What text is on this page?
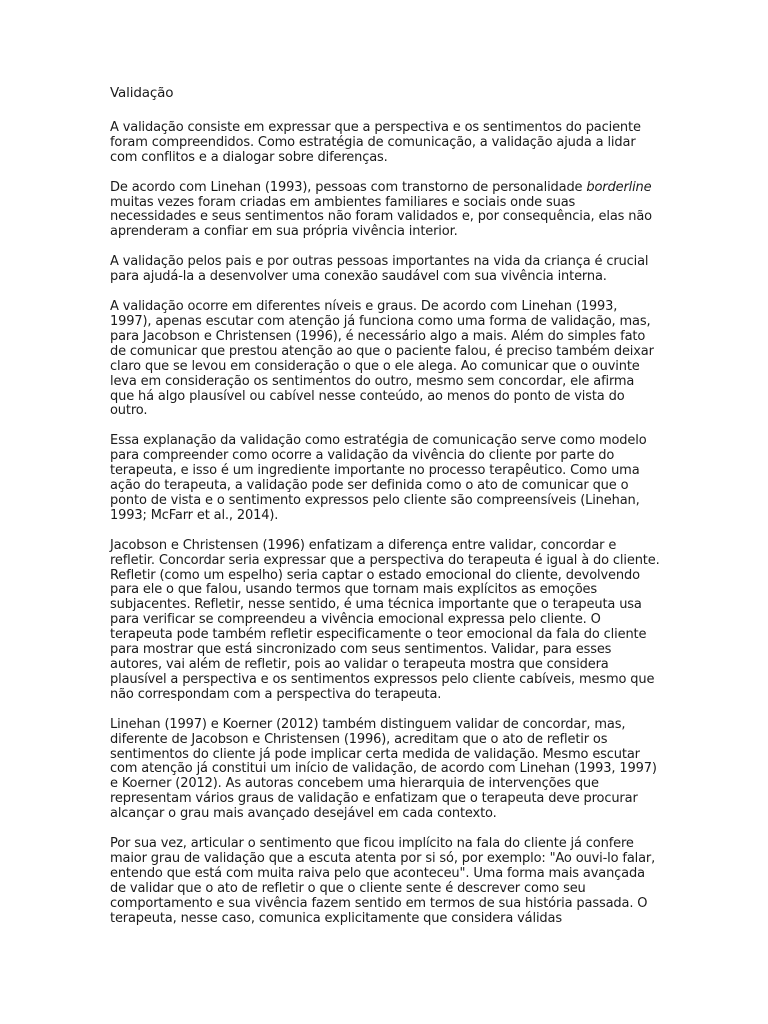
Validação

A validação consiste em expressar que a perspectiva e os sentimentos do paciente foram compreendidos. Como estratégia de comunicação, a validação ajuda a lidar com conflitos e a dialogar sobre diferenças.

De acordo com Linehan (1993), pessoas com transtorno de personalidade borderline muitas vezes foram criadas em ambientes familiares e sociais onde suas necessidades e seus sentimentos não foram validados e, por consequência, elas não aprenderam a confiar em sua própria vivência interior.

A validação pelos pais e por outras pessoas importantes na vida da criança é crucial para ajudá-la a desenvolver uma conexão saudável com sua vivência interna.

A validação ocorre em diferentes níveis e graus. De acordo com Linehan (1993, 1997), apenas escutar com atenção já funciona como uma forma de validação, mas, para Jacobson e Christensen (1996), é necessário algo a mais. Além do simples fato de comunicar que prestou atenção ao que o paciente falou, é preciso também deixar claro que se levou em consideração o que o ele alega. Ao comunicar que o ouvinte leva em consideração os sentimentos do outro, mesmo sem concordar, ele afirma que há algo plausível ou cabível nesse conteúdo, ao menos do ponto de vista do outro.

Essa explanação da validação como estratégia de comunicação serve como modelo para compreender como ocorre a validação da vivência do cliente por parte do terapeuta, e isso é um ingrediente importante no processo terapêutico. Como uma ação do terapeuta, a validação pode ser definida como o ato de comunicar que o ponto de vista e o sentimento expressos pelo cliente são compreensíveis (Linehan, 1993; McFarr et al., 2014).

Jacobson e Christensen (1996) enfatizam a diferença entre validar, concordar e refletir. Concordar seria expressar que a perspectiva do terapeuta é igual à do cliente. Refletir (como um espelho) seria captar o estado emocional do cliente, devolvendo para ele o que falou, usando termos que tornam mais explícitos as emoções subjacentes. Refletir, nesse sentido, é uma técnica importante que o terapeuta usa para verificar se compreendeu a vivência emocional expressa pelo cliente. O terapeuta pode também refletir especificamente o teor emocional da fala do cliente para mostrar que está sincronizado com seus sentimentos. Validar, para esses autores, vai além de refletir, pois ao validar o terapeuta mostra que considera plausível a perspectiva e os sentimentos expressos pelo cliente cabíveis, mesmo que não correspondam com a perspectiva do terapeuta.

Linehan (1997) e Koerner (2012) também distinguem validar de concordar, mas, diferente de Jacobson e Christensen (1996), acreditam que o ato de refletir os sentimentos do cliente já pode implicar certa medida de validação. Mesmo escutar com atenção já constitui um início de validação, de acordo com Linehan (1993, 1997) e Koerner (2012). As autoras concebem uma hierarquia de intervenções que representam vários graus de validação e enfatizam que o terapeuta deve procurar alcançar o grau mais avançado desejável em cada contexto.

Por sua vez, articular o sentimento que ficou implícito na fala do cliente já confere maior grau de validação que a escuta atenta por si só, por exemplo: "Ao ouvi-lo falar, entendo que está com muita raiva pelo que aconteceu". Uma forma mais avançada de validar que o ato de refletir o que o cliente sente é descrever como seu comportamento e sua vivência fazem sentido em termos de sua história passada. O terapeuta, nesse caso, comunica explicitamente que considera válidas
